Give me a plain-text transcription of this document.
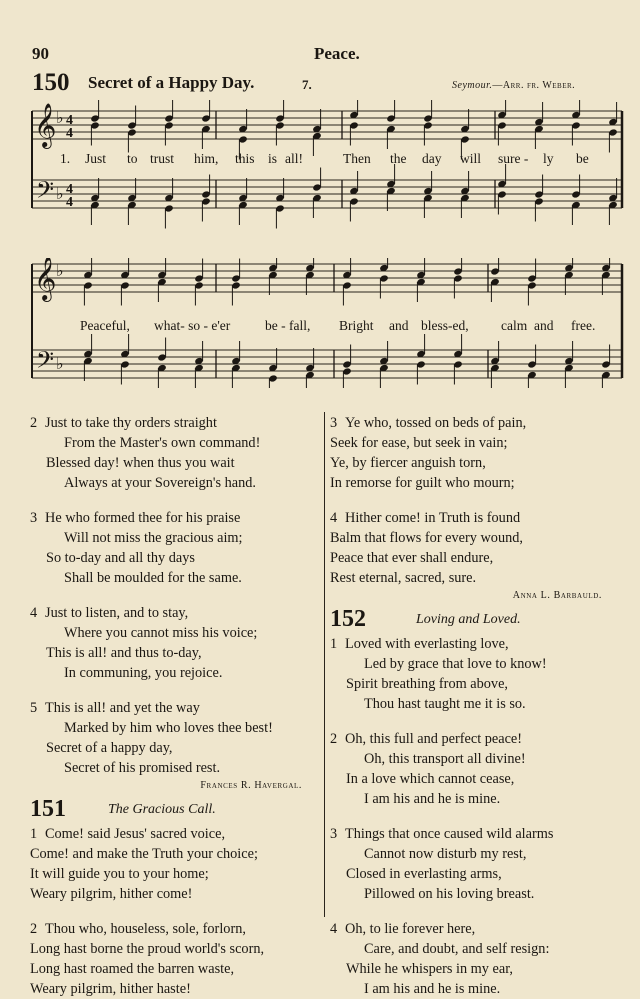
90	Peace.
150 Secret of a Happy Day.	7.	Seymour.—Arr. fr. Weber.
𝄞
𝄢
♭
♭
4
4
4
4
1. Just to trust him, this is all!	Then the day will sure - ly be
𝄞
𝄢
♭
♭
Peaceful, what- so - e'er	be - fall, Bright and bless-ed, calm and free.
2 Just to take thy orders straight
From the Master's own command!
Blessed day! when thus you wait
Always at your Sovereign's hand.
3 He who formed thee for his praise
Will not miss the gracious aim;
So to-day and all thy days
Shall be moulded for the same.
4 Just to listen, and to stay,
Where you cannot miss his voice;
This is all! and thus to-day,
In communing, you rejoice.
5 This is all! and yet the way
Marked by him who loves thee best!
Secret of a happy day,
Secret of his promised rest.
Frances R. Havergal.
151	The Gracious Call.
1 Come! said Jesus' sacred voice,
Come! and make the Truth your choice;
It will guide you to your home;
Weary pilgrim, hither come!
2 Thou who, houseless, sole, forlorn,
Long hast borne the proud world's scorn,
Long hast roamed the barren waste,
Weary pilgrim, hither haste!
3 Ye who, tossed on beds of pain,
Seek for ease, but seek in vain;
Ye, by fiercer anguish torn,
In remorse for guilt who mourn;
4 Hither come! in Truth is found
Balm that flows for every wound,
Peace that ever shall endure,
Rest eternal, sacred, sure.
Anna L. Barbauld.
152	Loving and Loved.
1 Loved with everlasting love,
Led by grace that love to know!
Spirit breathing from above,
Thou hast taught me it is so.
2 Oh, this full and perfect peace!
Oh, this transport all divine!
In a love which cannot cease,
I am his and he is mine.
3 Things that once caused wild alarms
Cannot now disturb my rest,
Closed in everlasting arms,
Pillowed on his loving breast.
4 Oh, to lie forever here,
Care, and doubt, and self resign:
While he whispers in my ear,
I am his and he is mine.
